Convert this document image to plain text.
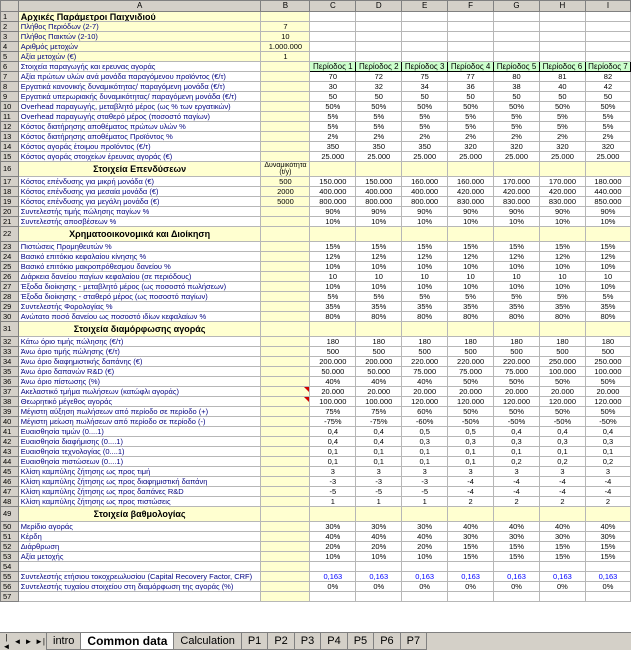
	A	B	C	D	E	F	G	H	I
1	Αρχικές Παράμετροι Παιχνιδιού								
2	Πλήθος Περιόδων (2-7)	7							
3	Πλήθος Παικτών (2-10)	10							
4	Αριθμός μετοχών	1.000.000							
5	Αξία μετοχών (€)	1							
6	Στοιχεία παραγωγής και ερευνας αγοράς		Περίοδος 1	Περίοδος 2	Περίοδος 3	Περίοδος 4	Περίοδος 5	Περίοδος 6	Περίοδος 7
7	Αξία πρώτων υλών ανά μονάδα παραγόμενου προϊόντος (€/τ)		70	72	75	77	80	81	82
8	Εργατικά κανονικής δυναμικότητας/ παραγόμενη μονάδα (€/τ)		30	32	34	36	38	40	42
9	Εργατικά υπερωριακής δυναμικότητας/ παραγόμενη μονάδα (€/τ)		50	50	50	50	50	50	50
10	Overhead παραγωγής, μεταβλητό μέρος (ως % των εργατικών)		50%	50%	50%	50%	50%	50%	50%
11	Overhead παραγωγής σταθερό μέρος (ποσοστό παγίων)		5%	5%	5%	5%	5%	5%	5%
12	Κόστος διατήρησης αποθέματος πρώτων υλών %		5%	5%	5%	5%	5%	5%	5%
13	Κόστος διατήρησης αποθέματος Προϊόντος %		2%	2%	2%	2%	2%	2%	2%
14	Κόστος αγοράς έτοιμου προϊόντος (€/τ)		350	350	350	320	320	320	320
15	Κόστος αγοράς στοιχείων έρευνας αγοράς (€)		25.000	25.000	25.000	25.000	25.000	25.000	25.000
16	Στοιχεία Επενδύσεων	Δυναμικότητα (t/y)							
17	Κόστος επένδυσης για μικρή μονάδα (€)	500	150.000	150.000	160.000	160.000	170.000	170.000	180.000
18	Κόστος επένδυσης για μεσαία μονάδα (€)	2000	400.000	400.000	400.000	420.000	420.000	420.000	440.000
19	Κόστος επένδυσης για μεγάλη μονάδα (€)	5000	800.000	800.000	800.000	830.000	830.000	830.000	850.000
20	Συντελεστής τιμής πώλησης παγίων %		90%	90%	90%	90%	90%	90%	90%
21	Συντελεστής αποσβέσεων %		10%	10%	10%	10%	10%	10%	10%
22	Χρηματοοικονομικά και Διοίκηση								
23	Πιστώσεις Προμηθευτών %		15%	15%	15%	15%	15%	15%	15%
24	Βασικό επιτόκιο κεφαλαίου κίνησης %		12%	12%	12%	12%	12%	12%	12%
25	Βασικό επιτόκιο μακροπρόθεσμου δανείου %		10%	10%	10%	10%	10%	10%	10%
26	Διάρκεια δανείου παγίων κεφαλαίου (σε περιόδους)		10	10	10	10	10	10	10
27	Έξοδα διοίκησης - μεταβλητό μέρος (ως ποσοστό πωλήσεων)		10%	10%	10%	10%	10%	10%	10%
28	Έξοδα διοίκησης - σταθερό μέρος (ως ποσοστό παγίων)		5%	5%	5%	5%	5%	5%	5%
29	Συντελεστής Φορολογίας %		35%	35%	35%	35%	35%	35%	35%
30	Ανώτατο ποσό δανείου ως ποσοστό ιδίων κεφαλαίων %		80%	80%	80%	80%	80%	80%	80%
31	Στοιχεία διαμόρφωσης αγοράς								
32	Κάτω όριο τιμής πώλησης (€/τ)		180	180	180	180	180	180	180
33	Άνω όριο τιμής πώλησης (€/τ)		500	500	500	500	500	500	500
34	Άνω όριο διαφημιστικής δαπάνης (€)		200.000	200.000	220.000	220.000	220.000	250.000	250.000
35	Άνω όριο δαπανών R&D (€)		50.000	50.000	75.000	75.000	75.000	100.000	100.000
36	Άνω όριο πίστωσης (%)		40%	40%	40%	50%	50%	50%	50%
37	Ακελαστικό τμήμα πωλήσεων (κατώφλι αγοράς)		20.000	20.000	20.000	20.000	20.000	20.000	20.000
38	Θεωρητικό μέγεθος αγοράς		100.000	100.000	120.000	120.000	120.000	120.000	120.000
39	Μέγιστη αύξηση πωλήσεων από περίοδο σε περίοδο (+)		75%	75%	60%	50%	50%	50%	50%
40	Μέγιστη μείωση πωλήσεων από περίοδο σε περίοδο (-)		-75%	-75%	-60%	-50%	-50%	-50%	-50%
41	Ευαισθησία τιμών (0....1)		0,4	0,4	0,5	0,5	0,4	0,4	0,4
42	Ευαισθησία διαφήμισης (0....1)		0,4	0,4	0,3	0,3	0,3	0,3	0,3
43	Ευαισθησία τεχνολογίας (0....1)		0,1	0,1	0,1	0,1	0,1	0,1	0,1
44	Ευαισθησία πιστώσεων (0....1)		0,1	0,1	0,1	0,1	0,2	0,2	0,2
45	Κλίση καμπύλης ζήτησης ως προς τιμή		3	3	3	3	3	3	3
46	Κλίση καμπύλης ζήτησης ως προς διαφημιστική δαπάνη		-3	-3	-3	-4	-4	-4	-4
47	Κλίση καμπύλης ζήτησης ως προς δαπάνες R&D		-5	-5	-5	-4	-4	-4	-4
48	Κλίση καμπύλης ζήτησης ως προς πιστώσεις		1	1	1	2	2	2	2
49	Στοιχεία βαθμολογίας								
50	Μερίδιο αγοράς		30%	30%	30%	40%	40%	40%	40%
51	Κέρδη		40%	40%	40%	30%	30%	30%	30%
52	Διάρθρωση		20%	20%	20%	15%	15%	15%	15%
53	Αξία μετοχής		10%	10%	10%	15%	15%	15%	15%
54									
55	Συντελεστής ετήσιου τοκοχρεωλυσίου (Capital Recovery Factor, CRF)		0,163	0,163	0,163	0,163	0,163	0,163	0,163
56	Συντελεστής τυχαίου στοιχείου στη διαμόρφωση της αγοράς (%)		0%	0%	0%	0%	0%	0%	0%
57									
|◄ ◄ ► ►| intro	Common data	Calculation	P1	P2	P3	P4	P5	P6	P7
